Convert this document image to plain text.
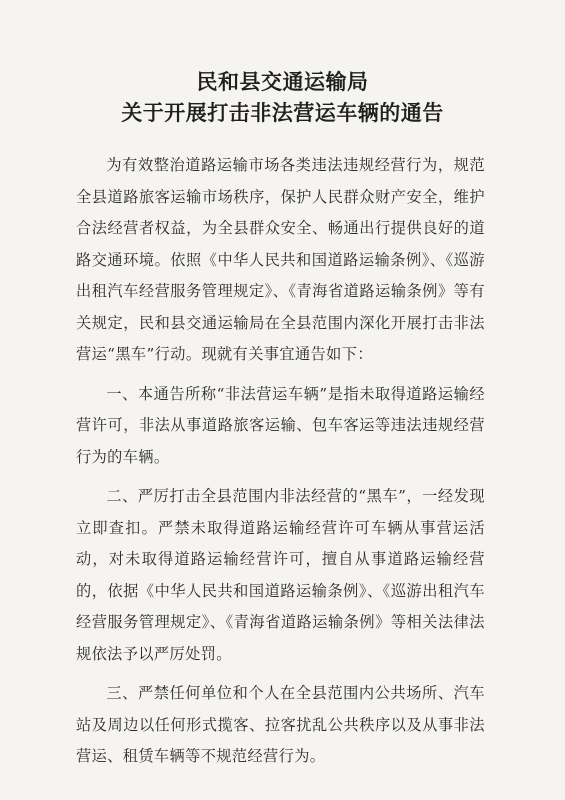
民和县交通运输局
关于开展打击非法营运车辆的通告

为有效整治道路运输市场各类违法违规经营行为，规范全县道路旅客运输市场秩序，保护人民群众财产安全，维护合法经营者权益，为全县群众安全、畅通出行提供良好的道路交通环境。依照《中华人民共和国道路运输条例》、《巡游出租汽车经营服务管理规定》、《青海省道路运输条例》等有关规定，民和县交通运输局在全县范围内深化开展打击非法营运“黑车”行动。现就有关事宜通告如下：

一、本通告所称“非法营运车辆”是指未取得道路运输经营许可，非法从事道路旅客运输、包车客运等违法违规经营行为的车辆。

二、严厉打击全县范围内非法经营的“黑车”，一经发现立即查扣。严禁未取得道路运输经营许可车辆从事营运活动，对未取得道路运输经营许可，擅自从事道路运输经营的，依据《中华人民共和国道路运输条例》、《巡游出租汽车经营服务管理规定》、《青海省道路运输条例》等相关法律法规依法予以严厉处罚。

三、严禁任何单位和个人在全县范围内公共场所、汽车站及周边以任何形式揽客、拉客扰乱公共秩序以及从事非法营运、租赁车辆等不规范经营行为。
